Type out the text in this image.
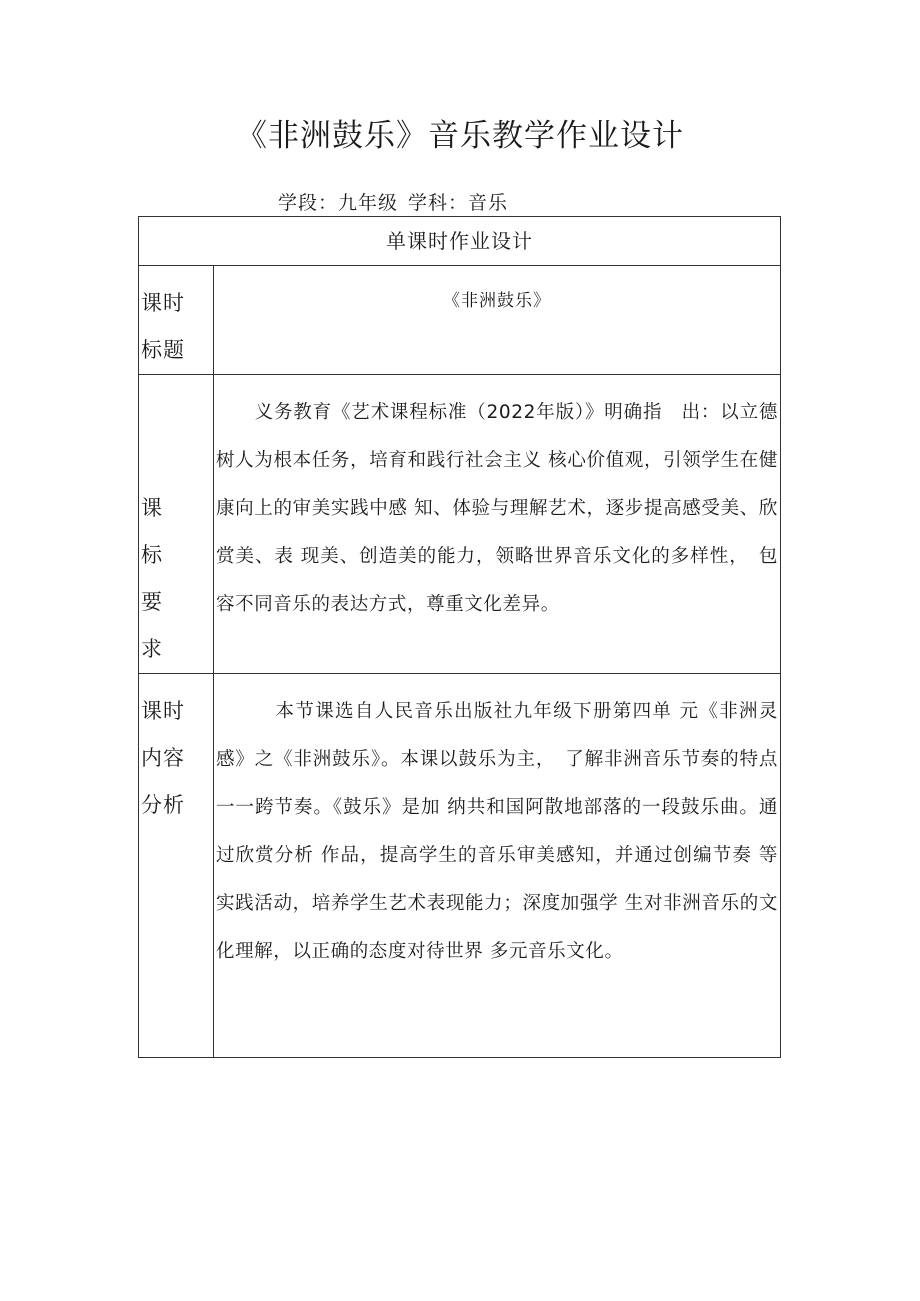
《非洲鼓乐》音乐教学作业设计
学段：九年级 学科：音乐
单课时作业设计	
课时
标题	《非洲鼓乐》

课 标
要 求	　　义务教育《艺术课程标准（2022年版）》明确指　出：以立德树人为根本任务，培育和践行社会主义 核心价值观，引领学生在健康向上的审美实践中感 知、体验与理解艺术，逐步提高感受美、欣赏美、表 现美、创造美的能力，领略世界音乐文化的多样性，　包容不同音乐的表达方式，尊重文化差异。
课时
内容
分析	　　　本节课选自人民音乐出版社九年级下册第四单 元《非洲灵感》之《非洲鼓乐》。本课以鼓乐为主，　了解非洲音乐节奏的特点一一跨节奏。《鼓乐》是加 纳共和国阿散地部落的一段鼓乐曲。通过欣赏分析 作品，提高学生的音乐审美感知，并通过创编节奏 等实践活动，培养学生艺术表现能力；深度加强学 生对非洲音乐的文化理解，以正确的态度对待世界 多元音乐文化。
